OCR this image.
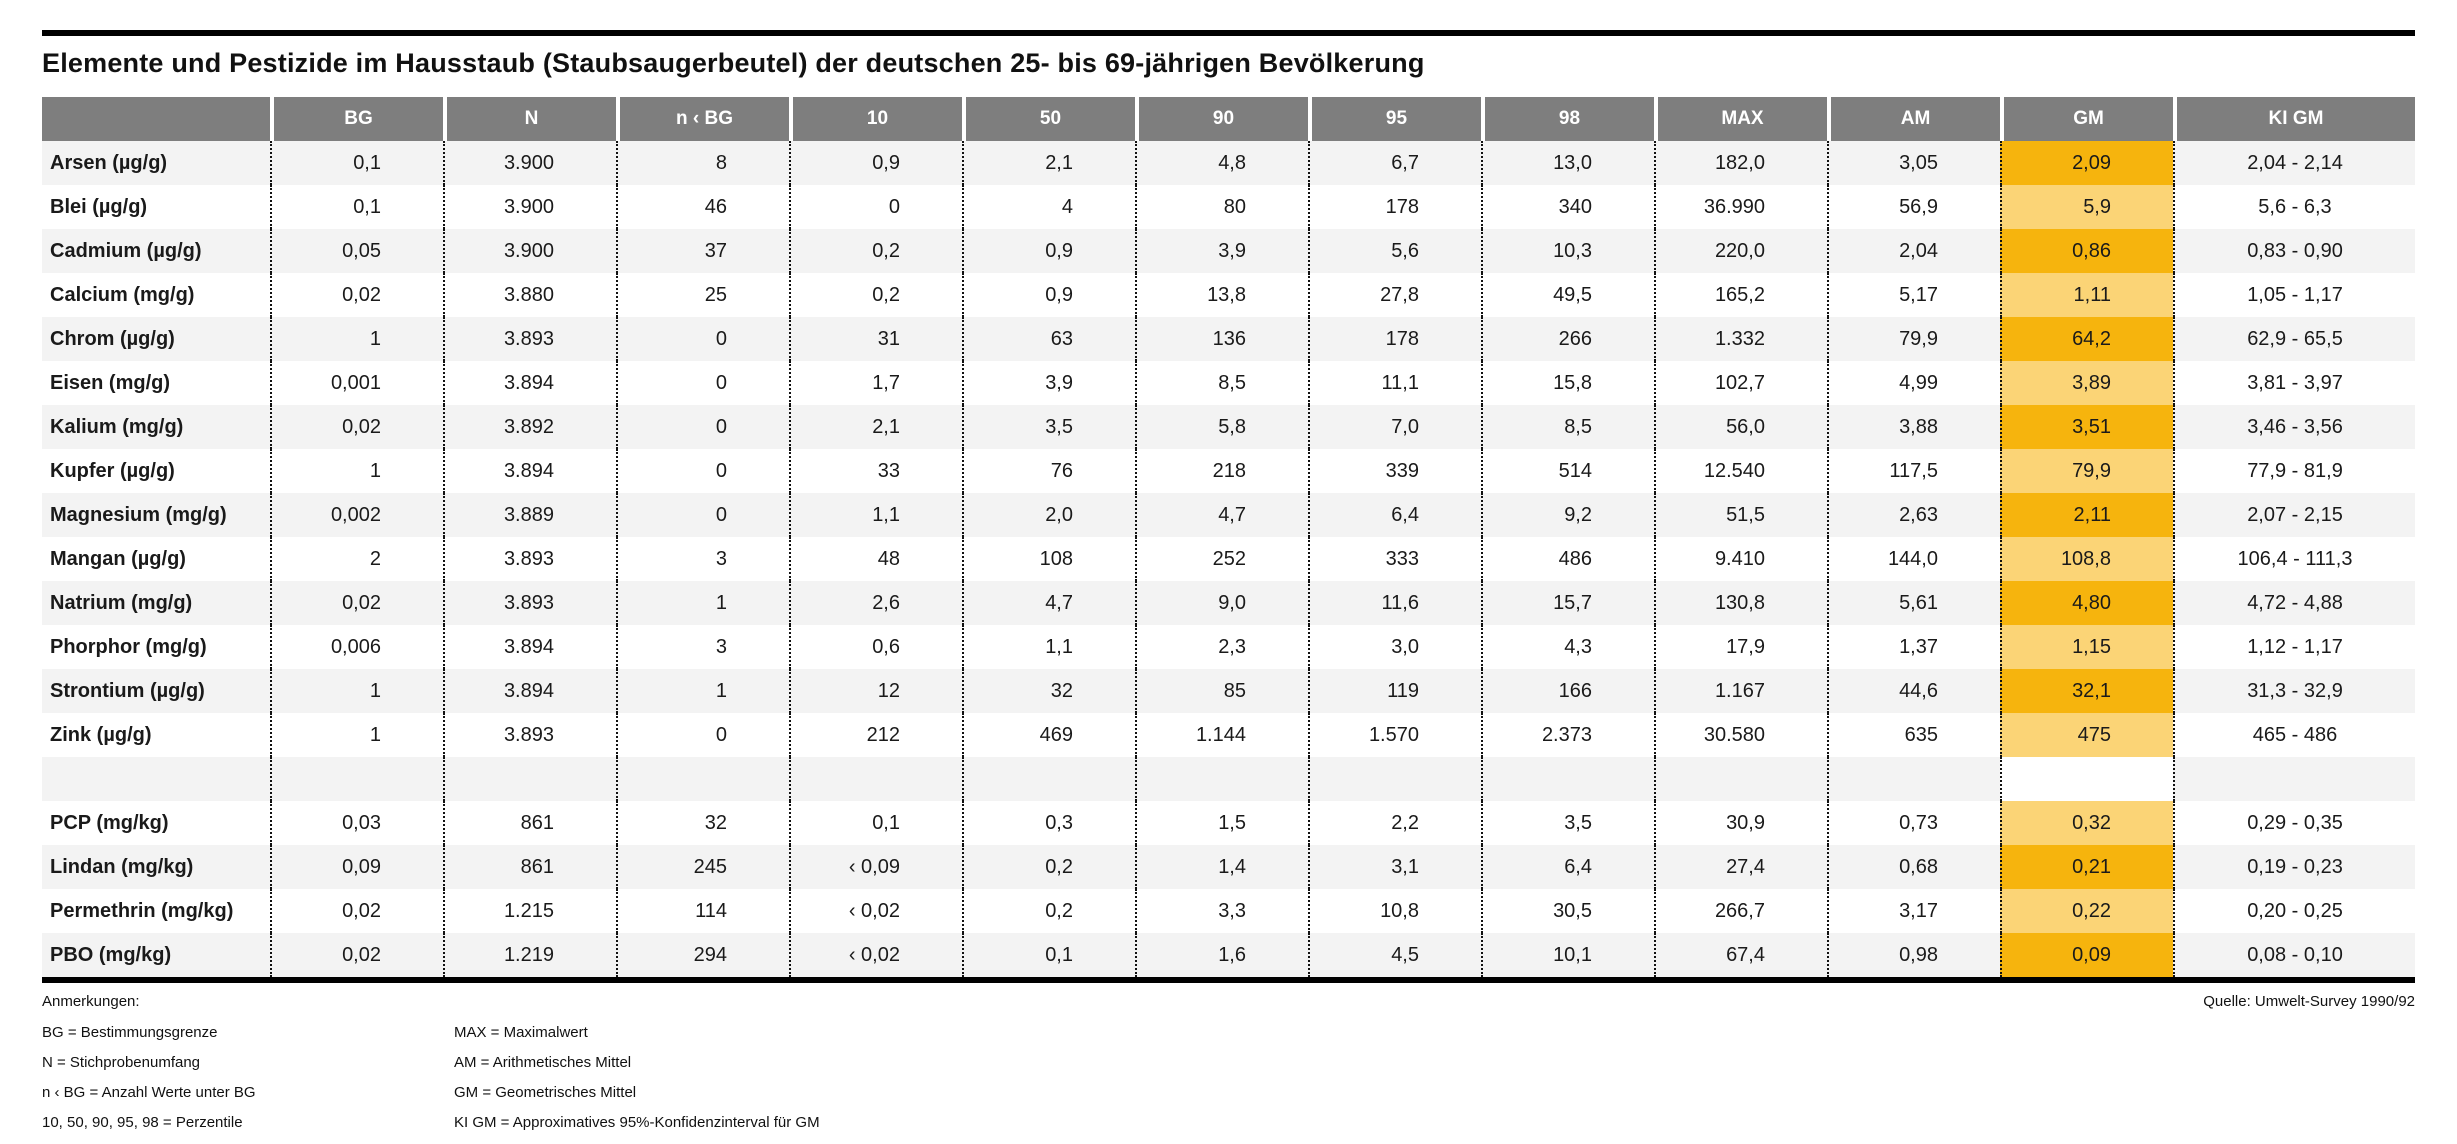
Elemente und Pestizide im Hausstaub (Staubsaugerbeutel) der deutschen 25- bis 69-jährigen Bevölkerung
	BG	N	n ‹ BG	10	50	90	95	98	MAX	AM	GM	KI GM
Arsen (µg/g)	0,1	3.900	8	0,9	2,1	4,8	6,7	13,0	182,0	3,05	2,09	2,04 - 2,14
Blei (µg/g)	0,1	3.900	46	0	4	80	178	340	36.990	56,9	5,9	5,6 - 6,3
Cadmium (µg/g)	0,05	3.900	37	0,2	0,9	3,9	5,6	10,3	220,0	2,04	0,86	0,83 - 0,90
Calcium (mg/g)	0,02	3.880	25	0,2	0,9	13,8	27,8	49,5	165,2	5,17	1,11	1,05 - 1,17
Chrom (µg/g)	1	3.893	0	31	63	136	178	266	1.332	79,9	64,2	62,9 - 65,5
Eisen (mg/g)	0,001	3.894	0	1,7	3,9	8,5	11,1	15,8	102,7	4,99	3,89	3,81 - 3,97
Kalium (mg/g)	0,02	3.892	0	2,1	3,5	5,8	7,0	8,5	56,0	3,88	3,51	3,46 - 3,56
Kupfer (µg/g)	1	3.894	0	33	76	218	339	514	12.540	117,5	79,9	77,9 - 81,9
Magnesium (mg/g)	0,002	3.889	0	1,1	2,0	4,7	6,4	9,2	51,5	2,63	2,11	2,07 - 2,15
Mangan (µg/g)	2	3.893	3	48	108	252	333	486	9.410	144,0	108,8	106,4 - 111,3
Natrium (mg/g)	0,02	3.893	1	2,6	4,7	9,0	11,6	15,7	130,8	5,61	4,80	4,72 - 4,88
Phorphor (mg/g)	0,006	3.894	3	0,6	1,1	2,3	3,0	4,3	17,9	1,37	1,15	1,12 - 1,17
Strontium (µg/g)	1	3.894	1	12	32	85	119	166	1.167	44,6	32,1	31,3 - 32,9
Zink (µg/g)	1	3.893	0	212	469	1.144	1.570	2.373	30.580	635	475	465 - 486

PCP (mg/kg)	0,03	861	32	0,1	0,3	1,5	2,2	3,5	30,9	0,73	0,32	0,29 - 0,35
Lindan (mg/kg)	0,09	861	245	‹ 0,09	0,2	1,4	3,1	6,4	27,4	0,68	0,21	0,19 - 0,23
Permethrin (mg/kg)	0,02	1.215	114	‹ 0,02	0,2	3,3	10,8	30,5	266,7	3,17	0,22	0,20 - 0,25
PBO (mg/kg)	0,02	1.219	294	‹ 0,02	0,1	1,6	4,5	10,1	67,4	0,98	0,09	0,08 - 0,10
Quelle: Umwelt-Survey 1990/92
Anmerkungen:
BG = Bestimmungsgrenze	MAX = Maximalwert
N = Stichprobenumfang	AM = Arithmetisches Mittel
n ‹ BG = Anzahl Werte unter BG	GM = Geometrisches Mittel
10, 50, 90, 95, 98 = Perzentile	KI GM = Approximatives 95%-Konfidenzinterval für GM
